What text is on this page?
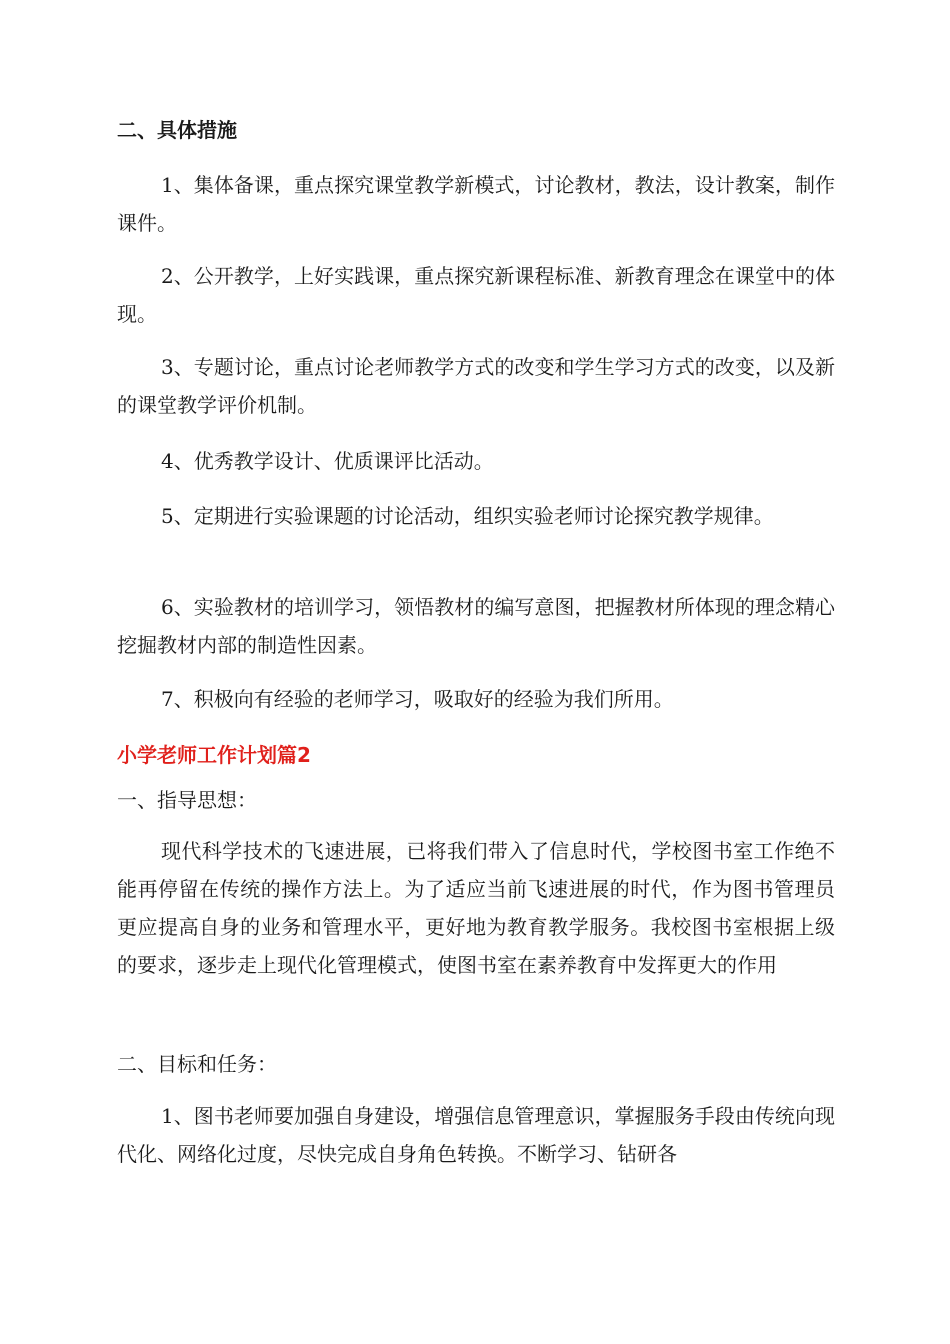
二、具体措施
1、集体备课，重点探究课堂教学新模式，讨论教材，教法，设计教案，制作课件。
2、公开教学，上好实践课，重点探究新课程标准、新教育理念在课堂中的体现。
3、专题讨论，重点讨论老师教学方式的改变和学生学习方式的改变，以及新的课堂教学评价机制。
4、优秀教学设计、优质课评比活动。
5、定期进行实验课题的讨论活动，组织实验老师讨论探究教学规律。
6、实验教材的培训学习，领悟教材的编写意图，把握教材所体现的理念精心挖掘教材内部的制造性因素。
7、积极向有经验的老师学习，吸取好的经验为我们所用。
小学老师工作计划篇2
一、指导思想：
现代科学技术的飞速进展，已将我们带入了信息时代，学校图书室工作绝不能再停留在传统的操作方法上。为了适应当前飞速进展的时代，作为图书管理员更应提高自身的业务和管理水平，更好地为教育教学服务。我校图书室根据上级的要求，逐步走上现代化管理模式，使图书室在素养教育中发挥更大的作用
二、目标和任务：
1、图书老师要加强自身建设，增强信息管理意识，掌握服务手段由传统向现代化、网络化过度，尽快完成自身角色转换。不断学习、钻研各
